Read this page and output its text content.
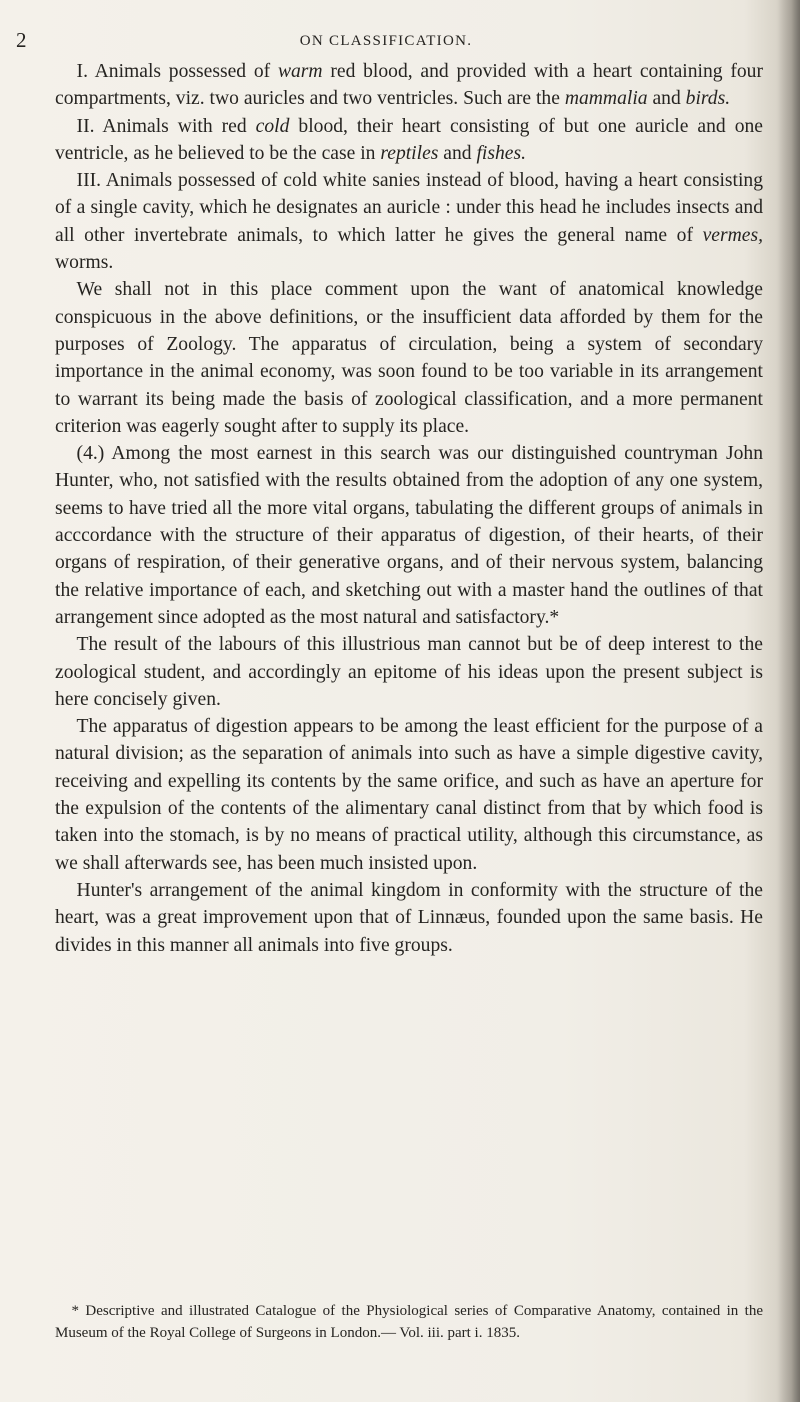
2	ON CLASSIFICATION.

I. Animals possessed of warm red blood, and provided with a heart containing four compartments, viz. two auricles and two ventricles. Such are the mammalia and birds.

II. Animals with red cold blood, their heart consisting of but one auricle and one ventricle, as he believed to be the case in reptiles and fishes.

III. Animals possessed of cold white sanies instead of blood, having a heart consisting of a single cavity, which he designates an auricle : under this head he includes insects and all other invertebrate animals, to which latter he gives the general name of vermes, worms.

We shall not in this place comment upon the want of anatomical knowledge conspicuous in the above definitions, or the insufficient data afforded by them for the purposes of Zoology. The apparatus of circulation, being a system of secondary importance in the animal economy, was soon found to be too variable in its arrangement to warrant its being made the basis of zoological classification, and a more permanent criterion was eagerly sought after to supply its place.

(4.) Among the most earnest in this search was our distinguished countryman John Hunter, who, not satisfied with the results obtained from the adoption of any one system, seems to have tried all the more vital organs, tabulating the different groups of animals in acccordance with the structure of their apparatus of digestion, of their hearts, of their organs of respiration, of their generative organs, and of their nervous system, balancing the relative importance of each, and sketching out with a master hand the outlines of that arrangement since adopted as the most natural and satisfactory.*

The result of the labours of this illustrious man cannot but be of deep interest to the zoological student, and accordingly an epitome of his ideas upon the present subject is here concisely given.

The apparatus of digestion appears to be among the least efficient for the purpose of a natural division; as the separation of animals into such as have a simple digestive cavity, receiving and expelling its contents by the same orifice, and such as have an aperture for the expulsion of the contents of the alimentary canal distinct from that by which food is taken into the stomach, is by no means of practical utility, although this circumstance, as we shall afterwards see, has been much insisted upon.

Hunter's arrangement of the animal kingdom in conformity with the structure of the heart, was a great improvement upon that of Linnæus, founded upon the same basis. He divides in this manner all animals into five groups.

* Descriptive and illustrated Catalogue of the Physiological series of Comparative Anatomy, contained in the Museum of the Royal College of Surgeons in London.— Vol. iii. part i. 1835.
